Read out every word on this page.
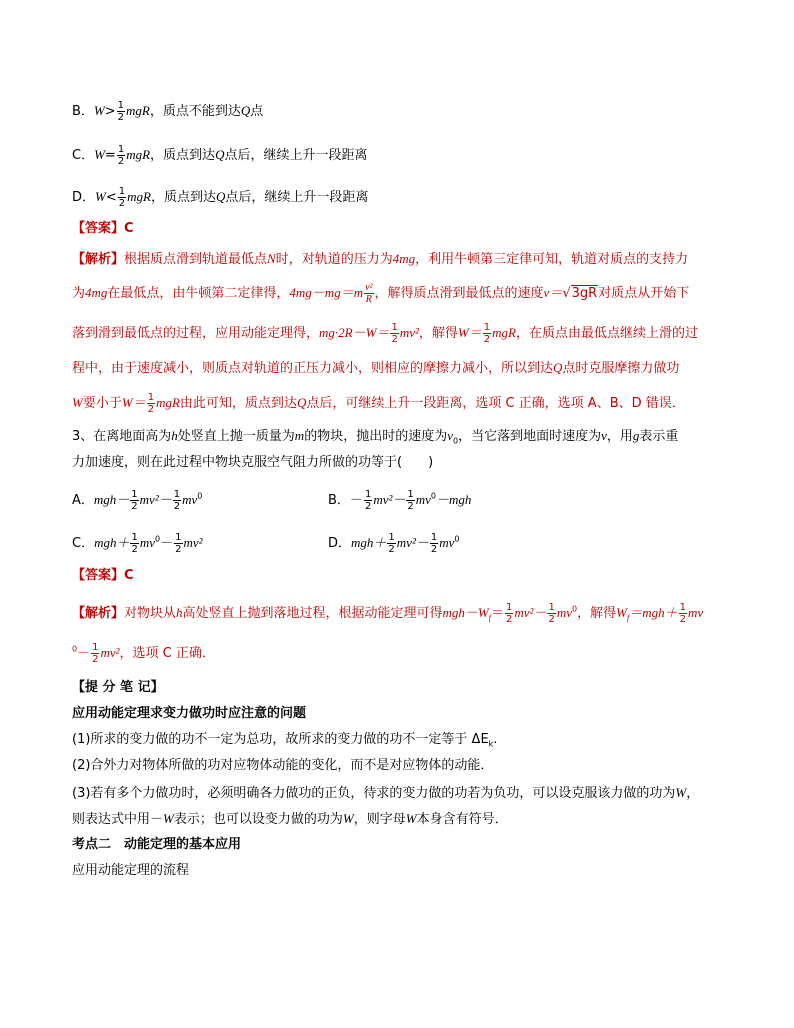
B．$W> \frac{1}{2}$ mgR，质点不能到达Q点
C．$W= \frac{1}{2}$ mgR，质点到达Q点后，继续上升一段距离
D．$W< \frac{1}{2}$ mgR，质点到达Q点后，继续上升一段距离
【答案】C
【解析】根据质点滑到轨道最低点N时，对轨道的压力为4mg，利用牛顿第三定律可知，轨道对质点的支持力
为4mg在最低点，由牛顿第二定律得，$4mg-mg=m \frac{\text{v²}}{R}$ ，解得质点滑到最低点的速度v＝√3gR对质点从开始下
落到滑到最低点的过程，应用动能定理得，$mg\cdot 2R-W= \frac{1}{2} mv^2$，解得$W= \frac{1}{2}$ mgR，在质点由最低点继续上滑的过
程中，由于速度减小，则质点对轨道的正压力减小，则相应的摩擦力减小，所以到达Q点时克服摩擦力做功
W要小于$W= \frac{1}{2}$ mgR由此可知，质点到达Q点后，可继续上升一段距离，选项 C 正确，选项 A、B、D 错误．
3、在离地面高为h处竖直上抛一质量为m的物块，抛出时的速度为$v_0$，当它落到地面时速度为v，用g表示重
力加速度，则在此过程中物块克服空气阻力所做的功等于(　　)
A．$mgh- \frac{1}{2} mv^2- \frac{1}{2} mv^0$	B．－ $\frac{1}{2} mv^2- \frac{1}{2} mv^0-mgh$
C．$mgh+ \frac{1}{2} mv^0- \frac{1}{2} mv^2$	D．$mgh+ \frac{1}{2} mv^2- \frac{1}{2} mv^0$
【答案】C
【解析】对物块从h高处竖直上抛到落地过程，根据动能定理可得$mgh-W_f= \frac{1}{2} mv^2- \frac{1}{2} mv^0$，解得$W_f=mgh+ \frac{1}{2}$ mv
$^0- \frac{1}{2} mv^2$，选项 C 正确．
【提 分 笔 记】
应用动能定理求变力做功时应注意的问题
(1)所求的变力做的功不一定为总功，故所求的变力做的功不一定等于 $\Delta E_k$.
(2)合外力对物体所做的功对应物体动能的变化，而不是对应物体的动能．
(3)若有多个力做功时，必须明确各力做功的正负，待求的变力做的功若为负功，可以设克服该力做的功为W，
则表达式中用－W表示；也可以设变力做的功为W，则字母W本身含有符号．
考点二　动能定理的基本应用
应用动能定理的流程
